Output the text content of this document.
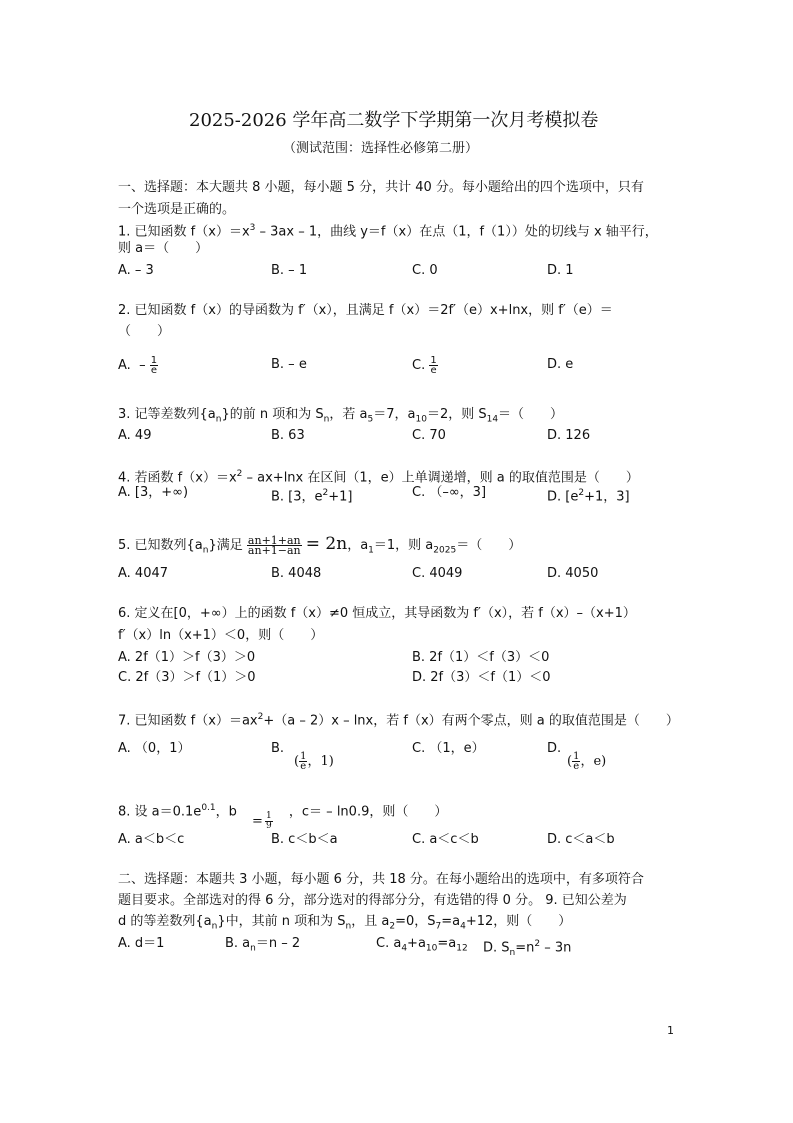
2025-2026 学年高二数学下学期第一次月考模拟卷
（测试范围：选择性必修第二册）
一、选择题：本大题共 8 小题，每小题 5 分，共计 40 分。每小题给出的四个选项中，只有
一个选项是正确的。
1. 已知函数 $f(x)=x^3 - 3ax - 1$，曲线 y＝f（x）在点（1，f（1））处的切线与 x 轴平行，
则 a＝（　　）
A. – 3	B. – 1	C. 0	D. 1
2. 已知函数 f（x）的导函数为 f′（x），且满足 f（x）＝2f′（e）x+lnx，则 f′（e）＝
（　　）
A. – $\frac{1}{e}$	B. – e	C. $\frac{1}{e}$	D. e
3. 记等差数列$\{a_n\}$的前 n 项和为 $S_n$，若 $a_5=7$，$a_{10}=2$，则 $S_{14}=$（　　）
A. 49	B. 63	C. 70	D. 126
4. 若函数 $f(x)=x^2 - ax+\ln x$ 在区间（1，e）上单调递增，则 a 的取值范围是（　　）
A. [3，+∞)	B. [3，$e^2+1$]	C. （–∞，3]	D. [$e^2+1$，3]
5. 已知数列$\{a_n\}$满足 $\frac{an+1+an}{an+1-an} = 2n$，$a_1=1$，则 $a_{2025}=$（　　）
A. 4047	B. 4048	C. 4049	D. 4050
6. 定义在[0，+∞）上的函数 f（x）≠0 恒成立，其导函数为 f′（x），若 f（x）–（x+1）
f′（x）ln（x+1）＜0，则（　　）
A. 2f（1）＞f（3）＞0	B. 2f（1）＜f（3）＜0
C. 2f（3）＞f（1）＞0	D. 2f（3）＜f（1）＜0
7. 已知函数 $f(x)=ax^2+(a - 2)x - \ln x$，若 f（x）有两个零点，则 a 的取值范围是（　　）
A. （0，1）	B.
( $\frac{1}{e}$ ，1)
C. （1，e）	D.
( $\frac{1}{e}$ ，e)
8. 设 $a=0.1e^{0.1}$，b	，c＝ – ln0.9，则（　　）
= $\frac{1}{9}$
A. a＜b＜c	B. c＜b＜a	C. a＜c＜b	D. c＜a＜b
二、选择题：本题共 3 小题，每小题 6 分，共 18 分。在每小题给出的选项中，有多项符合
题目要求。全部选对的得 6 分，部分选对的得部分分，有选错的得 0 分。 9. 已知公差为
d 的等差数列$\{a_n\}$中，其前 n 项和为 $S_n$，且 $a_2=0$，$S_7=a_4+12$，则（　　）
A. d＝1	B. $a_n=n - 2$	C. $a_4+a_{10}=a_{12}$ D. $S_n=n^2 - 3n$
1
